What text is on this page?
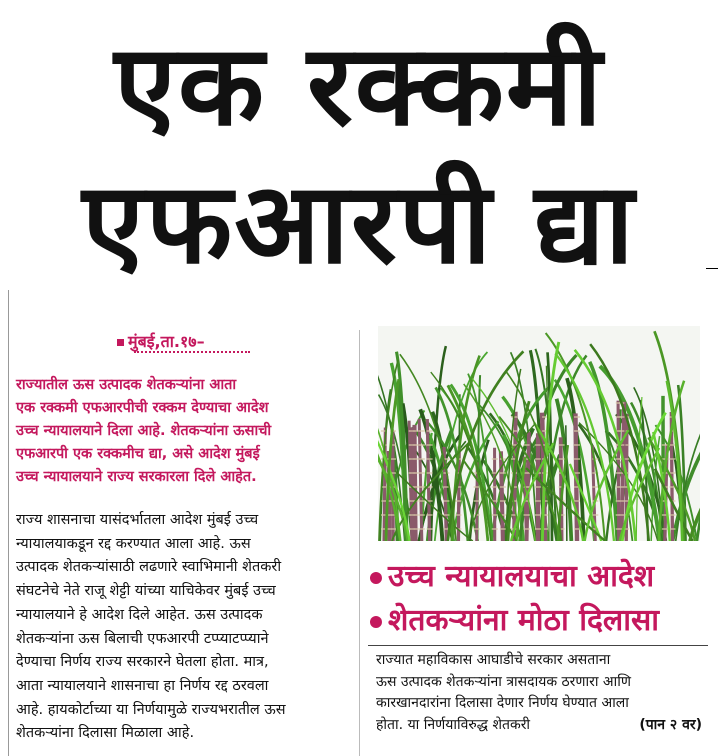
एक रक्कमी
एफआरपी द्या
मुंबई,ता.१७–
राज्यातील ऊस उत्पादक शेतकऱ्यांना आता
एक रक्कमी एफआरपीची रक्कम देण्याचा आदेश
उच्च न्यायालयाने दिला आहे. शेतकऱ्यांना ऊसाची
एफआरपी एक रक्कमीच द्या, असे आदेश मुंबई
उच्च न्यायालयाने राज्य सरकारला दिले आहेत.
राज्य शासनाचा यासंदर्भातला आदेश मुंबई उच्च
न्यायालयाकडून रद्द करण्यात आला आहे. ऊस
उत्पादक शेतकऱ्यांसाठी लढणारे स्वाभिमानी शेतकरी
संघटनेचे नेते राजू शेट्टी यांच्या याचिकेवर मुंबई उच्च
न्यायालयाने हे आदेश दिले आहेत. ऊस उत्पादक
शेतकऱ्यांना ऊस बिलाची एफआरपी टप्प्याटप्प्याने
देण्याचा निर्णय राज्य सरकारने घेतला होता. मात्र,
आता न्यायालयाने शासनाचा हा निर्णय रद्द ठरवला
आहे. हायकोर्टाच्या या निर्णयामुळे राज्यभरातील ऊस
शेतकऱ्यांना दिलासा मिळाला आहे.
उच्च न्यायालयाचा आदेश
शेतकऱ्यांना मोठा दिलासा
राज्यात महाविकास आघाडीचे सरकार असताना
ऊस उत्पादक शेतकऱ्यांना त्रासदायक ठरणारा आणि
कारखानदारांना दिलासा देणार निर्णय घेण्यात आला
होता. या निर्णयाविरुद्ध शेतकरी	(पान २ वर)
